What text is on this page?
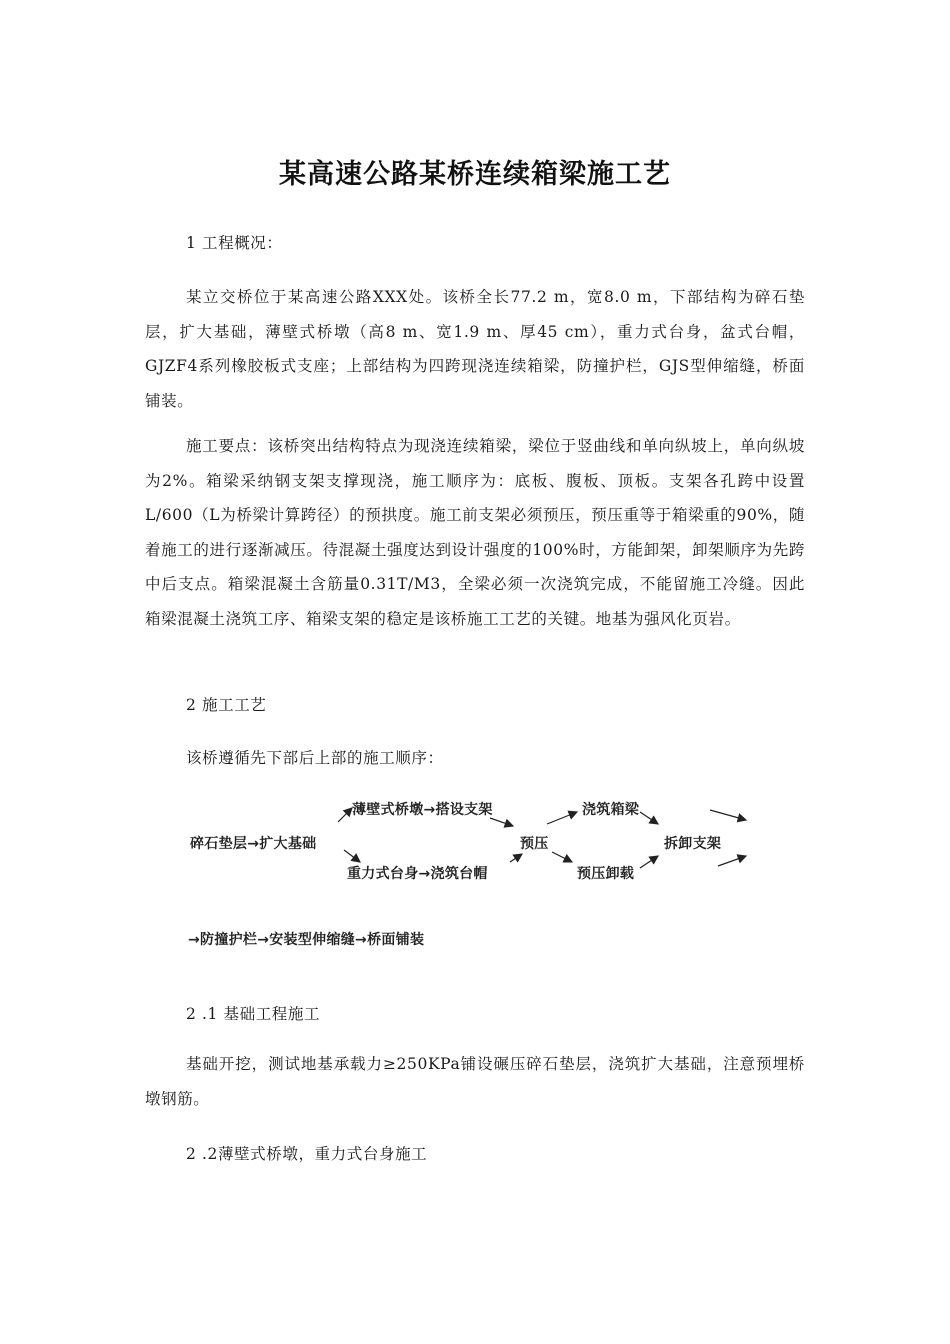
某高速公路某桥连续箱梁施工艺
1 工程概况：
某立交桥位于某高速公路XXX处。该桥全长77.2 m，宽8.0 m，下部结构为碎石垫层，扩大基础，薄壁式桥墩（高8 m、宽1.9 m、厚45 cm），重力式台身，盆式台帽，GJZF4系列橡胶板式支座；上部结构为四跨现浇连续箱梁，防撞护栏，GJS型伸缩缝，桥面铺装。
施工要点：该桥突出结构特点为现浇连续箱梁，梁位于竖曲线和单向纵坡上，单向纵坡为2%。箱梁采纳钢支架支撑现浇，施工顺序为：底板、腹板、顶板。支架各孔跨中设置L/600（L为桥梁计算跨径）的预拱度。施工前支架必须预压，预压重等于箱梁重的90%，随着施工的进行逐渐减压。待混凝土强度达到设计强度的100%时，方能卸架，卸架顺序为先跨中后支点。箱梁混凝土含筋量0.31T/M3，全梁必须一次浇筑完成，不能留施工冷缝。因此箱梁混凝土浇筑工序、箱梁支架的稳定是该桥施工工艺的关键。地基为强风化页岩。
2 施工工艺
该桥遵循先下部后上部的施工顺序：
碎石垫层→扩大基础
薄壁式桥墩→搭设支架
重力式台身→浇筑台帽
预压
浇筑箱梁
预压卸载
拆卸支架
→防撞护栏→安装型伸缩缝→桥面铺装
2 .1 基础工程施工
基础开挖，测试地基承载力≥250KPa铺设碾压碎石垫层，浇筑扩大基础，注意预埋桥墩钢筋。
2 .2薄壁式桥墩，重力式台身施工
